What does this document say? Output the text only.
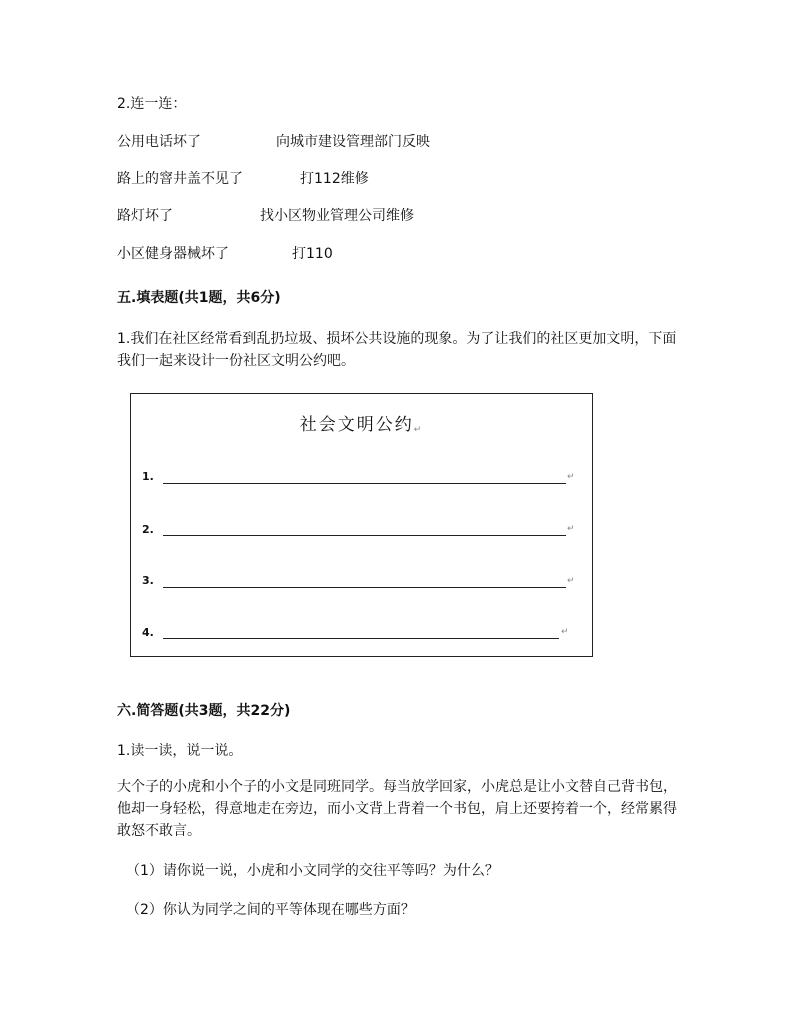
2.连一连：
公用电话坏了	向城市建设管理部门反映
路上的窨井盖不见了	打112维修
路灯坏了	找小区物业管理公司维修
小区健身器械坏了	打110
五.填表题(共1题，共6分)
1.我们在社区经常看到乱扔垃圾、损坏公共设施的现象。为了让我们的社区更加文明，下面我们一起来设计一份社区文明公约吧。
社会文明公约↵
1.	↵
2.	↵
3.	↵
4.	↵
六.简答题(共3题，共22分)
1.读一读，说一说。
大个子的小虎和小个子的小文是同班同学。每当放学回家，小虎总是让小文替自己背书包，他却一身轻松，得意地走在旁边，而小文背上背着一个书包，肩上还要挎着一个，经常累得敢怒不敢言。
（1）请你说一说，小虎和小文同学的交往平等吗？为什么？
（2）你认为同学之间的平等体现在哪些方面？
